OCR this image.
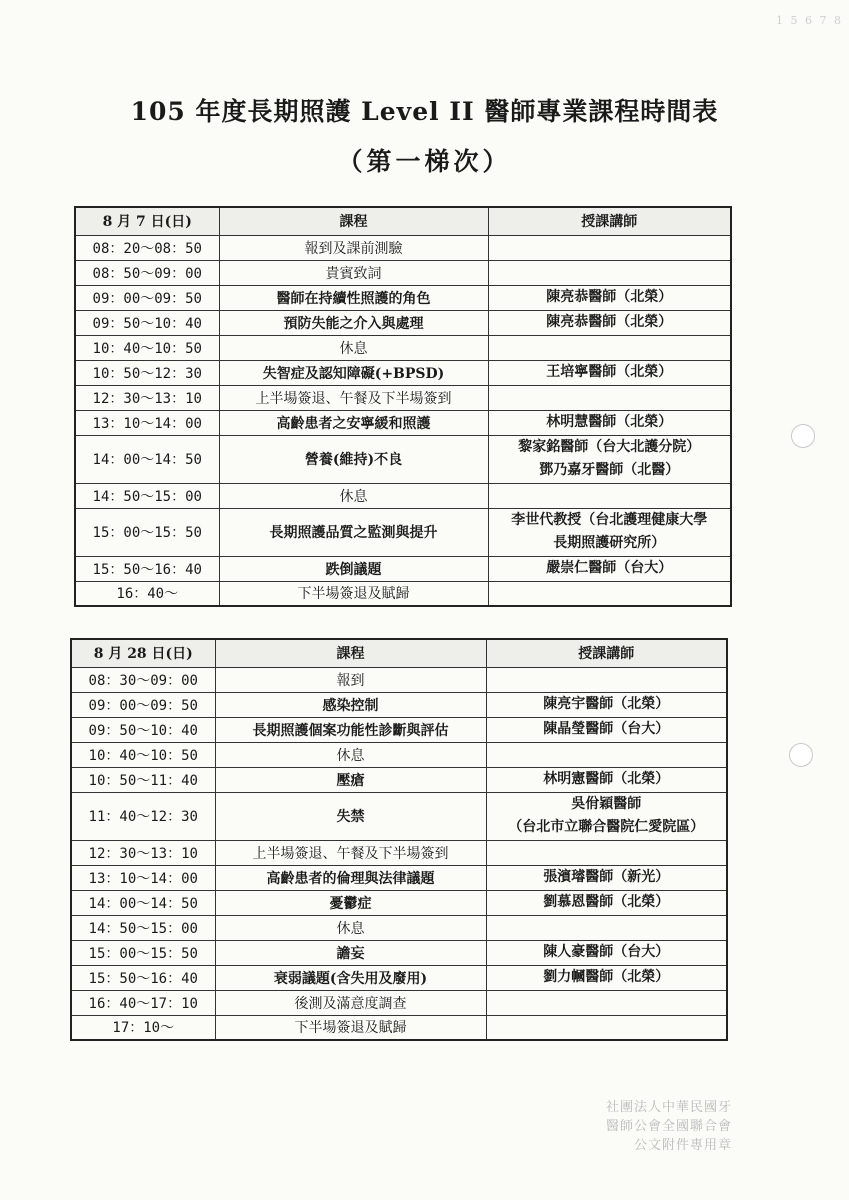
1 5 6 7 8
105 年度長期照護 Level II 醫師專業課程時間表
（第一梯次）
8 月 7 日(日)	課程	授課講師
08：20～08：50	報到及課前測驗	

08：50～09：00	貴賓致詞	

09：00～09：50	醫師在持續性照護的角色	陳亮恭醫師（北榮）

09：50～10：40	預防失能之介入與處理	陳亮恭醫師（北榮）

10：40～10：50	休息	

10：50～12：30	失智症及認知障礙(+BPSD)	王培寧醫師（北榮）

12：30～13：10	上半場簽退、午餐及下半場簽到	

13：10～14：00	高齡患者之安寧緩和照護	林明慧醫師（北榮）

14：00～14：50	營養(維持)不良	黎家銘醫師（台大北護分院）
鄧乃嘉牙醫師（北醫）

14：50～15：00	休息	

15：00～15：50	長期照護品質之監測與提升	李世代教授（台北護理健康大學
長期照護研究所）

15：50～16：40	跌倒議題	嚴崇仁醫師（台大）

16：40～	下半場簽退及賦歸	
8 月 28 日(日)	課程	授課講師
08：30～09：00	報到	

09：00～09：50	感染控制	陳亮宇醫師（北榮）

09：50～10：40	長期照護個案功能性診斷與評估	陳晶瑩醫師（台大）

10：40～10：50	休息	

10：50～11：40	壓瘡	林明憲醫師（北榮）

11：40～12：30	失禁	吳佾穎醫師
（台北市立聯合醫院仁愛院區）

12：30～13：10	上半場簽退、午餐及下半場簽到	

13：10～14：00	高齡患者的倫理與法律議題	張濱璿醫師（新光）

14：00～14：50	憂鬱症	劉慕恩醫師（北榮）

14：50～15：00	休息	

15：00～15：50	譫妄	陳人豪醫師（台大）

15：50～16：40	衰弱議題(含失用及廢用)	劉力幗醫師（北榮）

16：40～17：10	後測及滿意度調查	

17：10～	下半場簽退及賦歸	
社團法人中華民國牙
醫師公會全國聯合會
公文附件專用章
